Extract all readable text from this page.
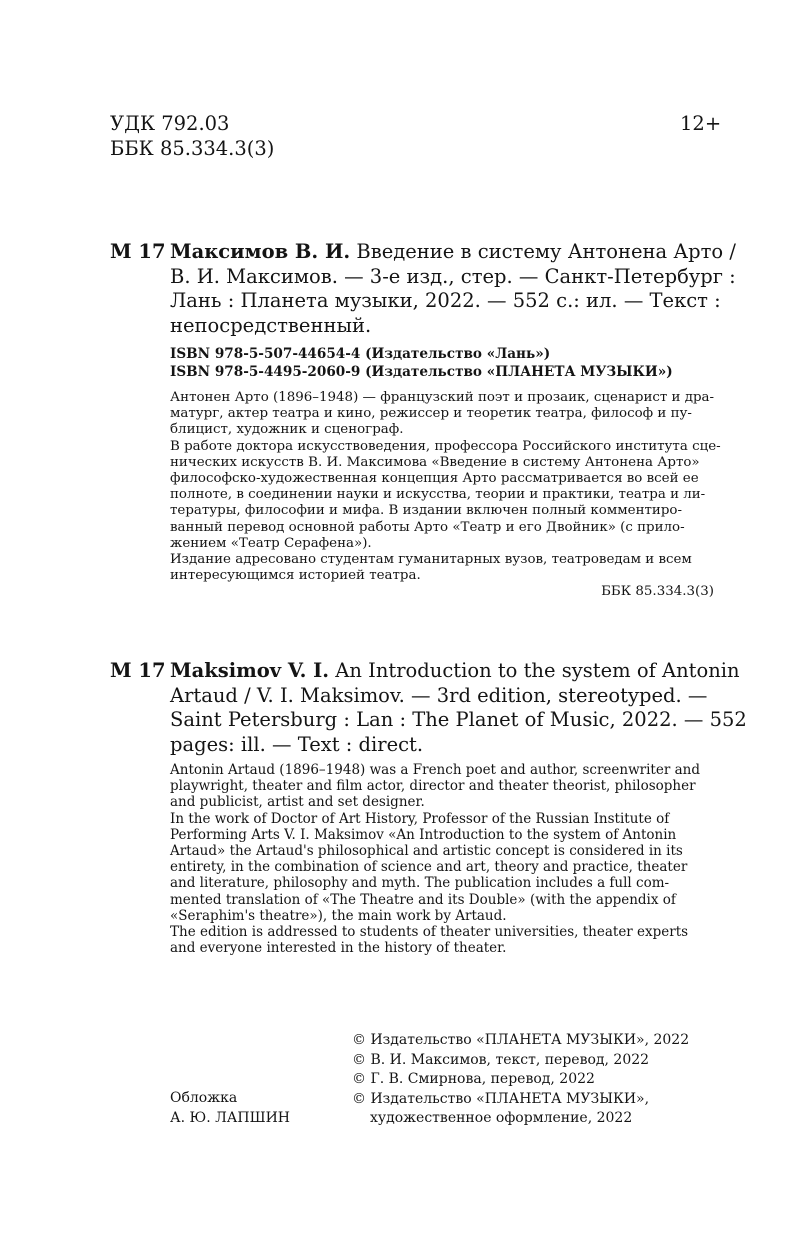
УДК 792.03
ББК 85.334.3(3)
12+
М 17 Максимов В. И. Введение в систему Антонена Арто /
В. И. Максимов. — 3-е изд., стер. — Санкт-Петербург :
Лань : Планета музыки, 2022. — 552 с.: ил. — Текст :
непосредственный.
ISBN 978-5-507-44654-4 (Издательство «Лань»)
ISBN 978-5-4495-2060-9 (Издательство «ПЛАНЕТА МУЗЫКИ»)
Антонен Арто (1896–1948) — французский поэт и прозаик, сценарист и дра-
матург, актер театра и кино, режиссер и теоретик театра, философ и пу-
блицист, художник и сценограф.
В работе доктора искусствоведения, профессора Российского института сце-
нических искусств В. И. Максимова «Введение в систему Антонена Арто»
философско-художественная концепция Арто рассматривается во всей ее
полноте, в соединении науки и искусства, теории и практики, театра и ли-
тературы, философии и мифа. В издании включен полный комментиро-
ванный перевод основной работы Арто «Театр и его Двойник» (с прило-
жением «Театр Серафена»).
Издание адресовано студентам гуманитарных вузов, театроведам и всем
интересующимся историей театра.
ББК 85.334.3(3)
M 17 Maksimov V. I. An Introduction to the system of Antonin
Artaud / V. I. Maksimov. — 3rd edition, stereotyped. —
Saint Petersburg : Lan : The Planet of Music, 2022. — 552
pages: ill. — Text : direct.
Antonin Artaud (1896–1948) was a French poet and author, screenwriter and
playwright, theater and film actor, director and theater theorist, philosopher
and publicist, artist and set designer.
In the work of Doctor of Art History, Professor of the Russian Institute of
Performing Arts V. I. Maksimov «An Introduction to the system of Antonin
Artaud» the Artaud's philosophical and artistic concept is considered in its
entirety, in the combination of science and art, theory and practice, theater
and literature, philosophy and myth. The publication includes a full com-
mented translation of «The Theatre and its Double» (with the appendix of
«Seraphim's theatre»), the main work by Artaud.
The edition is addressed to students of theater universities, theater experts
and everyone interested in the history of theater.
Обложка
А. Ю. ЛАПШИН
© Издательство «ПЛАНЕТА МУЗЫКИ», 2022
© В. И. Максимов, текст, перевод, 2022
© Г. В. Смирнова, перевод, 2022
© Издательство «ПЛАНЕТА МУЗЫКИ»,
художественное оформление, 2022
